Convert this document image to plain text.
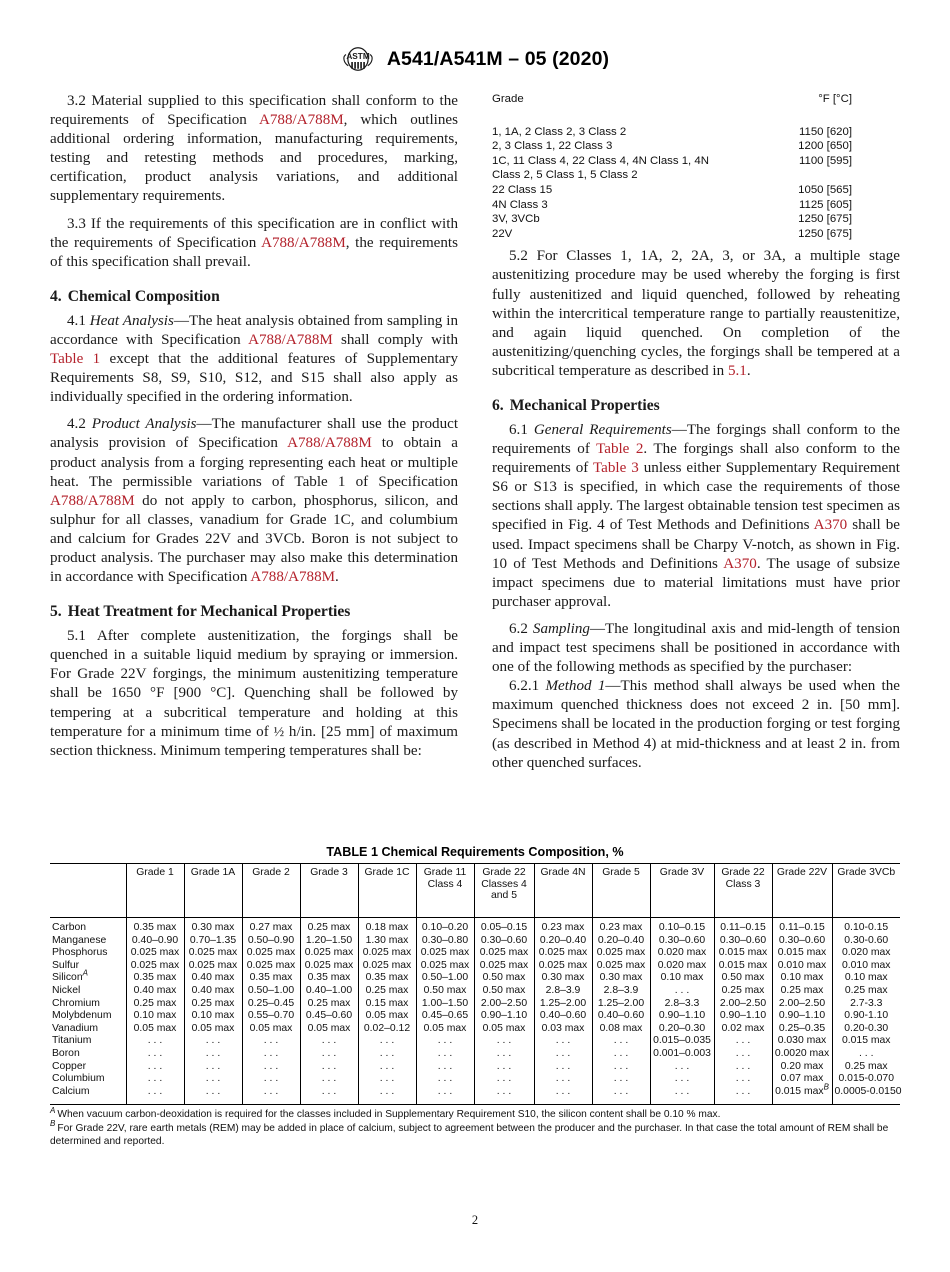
ASTM A541/A541M – 05 (2020)

3.2 Material supplied to this specification shall conform to the requirements of Specification A788/A788M, which outlines additional ordering information, manufacturing requirements, testing and retesting methods and procedures, marking, certification, product analysis variations, and additional supplementary requirements.

3.3 If the requirements of this specification are in conflict with the requirements of Specification A788/A788M, the requirements of this specification shall prevail.

4. Chemical Composition

4.1 Heat Analysis—The heat analysis obtained from sampling in accordance with Specification A788/A788M shall comply with Table 1 except that the additional features of Supplementary Requirements S8, S9, S10, S12, and S15 shall also apply as individually specified in the ordering information.

4.2 Product Analysis—The manufacturer shall use the product analysis provision of Specification A788/A788M to obtain a product analysis from a forging representing each heat or multiple heat. The permissible variations of Table 1 of Specification A788/A788M do not apply to carbon, phosphorus, silicon, and sulphur for all classes, vanadium for Grade 1C, and columbium and calcium for Grades 22V and 3VCb. Boron is not subject to product analysis. The purchaser may also make this determination in accordance with Specification A788/A788M.

5. Heat Treatment for Mechanical Properties

5.1 After complete austenitization, the forgings shall be quenched in a suitable liquid medium by spraying or immersion. For Grade 22V forgings, the minimum austenitizing temperature shall be 1650 °F [900 °C]. Quenching shall be followed by tempering at a subcritical temperature and holding at this temperature for a minimum time of ½ h/in. [25 mm] of maximum section thickness. Minimum tempering temperatures shall be:

Grade	°F [°C]
1, 1A, 2 Class 2, 3 Class 2	1150 [620]
2, 3 Class 1, 22 Class 3	1200 [650]
1C, 11 Class 4, 22 Class 4, 4N Class 1, 4N	1100 [595]
Class 2, 5 Class 1, 5 Class 2	
22 Class 15	1050 [565]
4N Class 3	1125 [605]
3V, 3VCb	1250 [675]
22V	1250 [675]

5.2 For Classes 1, 1A, 2, 2A, 3, or 3A, a multiple stage austenitizing procedure may be used whereby the forging is first fully austenitized and liquid quenched, followed by reheating within the intercritical temperature range to partially reaustenitize, and again liquid quenched. On completion of the austenitizing/quenching cycles, the forgings shall be tempered at a subcritical temperature as described in 5.1.

6. Mechanical Properties

6.1 General Requirements—The forgings shall conform to the requirements of Table 2. The forgings shall also conform to the requirements of Table 3 unless either Supplementary Requirement S6 or S13 is specified, in which case the requirements of those sections shall apply. The largest obtainable tension test specimen as specified in Fig. 4 of Test Methods and Definitions A370 shall be used. Impact specimens shall be Charpy V-notch, as shown in Fig. 10 of Test Methods and Definitions A370. The usage of subsize impact specimens due to material limitations must have prior purchaser approval.

6.2 Sampling—The longitudinal axis and mid-length of tension and impact test specimens shall be positioned in accordance with one of the following methods as specified by the purchaser:

6.2.1 Method 1—This method shall always be used when the maximum quenched thickness does not exceed 2 in. [50 mm]. Specimens shall be located in the production forging or test forging (as described in Method 4) at mid-thickness and at least 2 in. from other quenched surfaces.

TABLE 1 Chemical Requirements Composition, %
	Grade 1	Grade 1A	Grade 2	Grade 3	Grade 1C	Grade 11 Class 4	Grade 22 Classes 4 and 5	Grade 4N	Grade 5	Grade 3V	Grade 22 Class 3	Grade 22V	Grade 3VCb
Carbon	0.35 max	0.30 max	0.27 max	0.25 max	0.18 max	0.10–0.20	0.05–0.15	0.23 max	0.23 max	0.10–0.15	0.11–0.15	0.11–0.15	0.10-0.15
Manganese	0.40–0.90	0.70–1.35	0.50–0.90	1.20–1.50	1.30 max	0.30–0.80	0.30–0.60	0.20–0.40	0.20–0.40	0.30–0.60	0.30–0.60	0.30–0.60	0.30-0.60
Phosphorus	0.025 max	0.025 max	0.025 max	0.025 max	0.025 max	0.025 max	0.025 max	0.025 max	0.025 max	0.020 max	0.015 max	0.015 max	0.020 max
Sulfur	0.025 max	0.025 max	0.025 max	0.025 max	0.025 max	0.025 max	0.025 max	0.025 max	0.025 max	0.020 max	0.015 max	0.010 max	0.010 max
Silicon$^A$	0.35 max	0.40 max	0.35 max	0.35 max	0.35 max	0.50–1.00	0.50 max	0.30 max	0.30 max	0.10 max	0.50 max	0.10 max	0.10 max
Nickel	0.40 max	0.40 max	0.50–1.00	0.40–1.00	0.25 max	0.50 max	0.50 max	2.8–3.9	2.8–3.9	. . .	0.25 max	0.25 max	0.25 max
Chromium	0.25 max	0.25 max	0.25–0.45	0.25 max	0.15 max	1.00–1.50	2.00–2.50	1.25–2.00	1.25–2.00	2.8–3.3	2.00–2.50	2.00–2.50	2.7-3.3
Molybdenum	0.10 max	0.10 max	0.55–0.70	0.45–0.60	0.05 max	0.45–0.65	0.90–1.10	0.40–0.60	0.40–0.60	0.90–1.10	0.90–1.10	0.90–1.10	0.90-1.10
Vanadium	0.05 max	0.05 max	0.05 max	0.05 max	0.02–0.12	0.05 max	0.05 max	0.03 max	0.08 max	0.20–0.30	0.02 max	0.25–0.35	0.20-0.30
Titanium	. . .	. . .	. . .	. . .	. . .	. . .	. . .	. . .	. . .	0.015–0.035	. . .	0.030 max	0.015 max
Boron	. . .	. . .	. . .	. . .	. . .	. . .	. . .	. . .	. . .	0.001–0.003	. . .	0.0020 max	. . .
Copper	. . .	. . .	. . .	. . .	. . .	. . .	. . .	. . .	. . .	. . .	. . .	0.20 max	0.25 max
Columbium	. . .	. . .	. . .	. . .	. . .	. . .	. . .	. . .	. . .	. . .	. . .	0.07 max	0.015-0.070
Calcium	. . .	. . .	. . .	. . .	. . .	. . .	. . .	. . .	. . .	. . .	. . .	0.015 max$^B$	0.0005-0.0150
$^A$ When vacuum carbon-deoxidation is required for the classes included in Supplementary Requirement S10, the silicon content shall be 0.10 % max.
$^B$ For Grade 22V, rare earth metals (REM) may be added in place of calcium, subject to agreement between the producer and the purchaser. In that case the total amount of REM shall be determined and reported.
2
